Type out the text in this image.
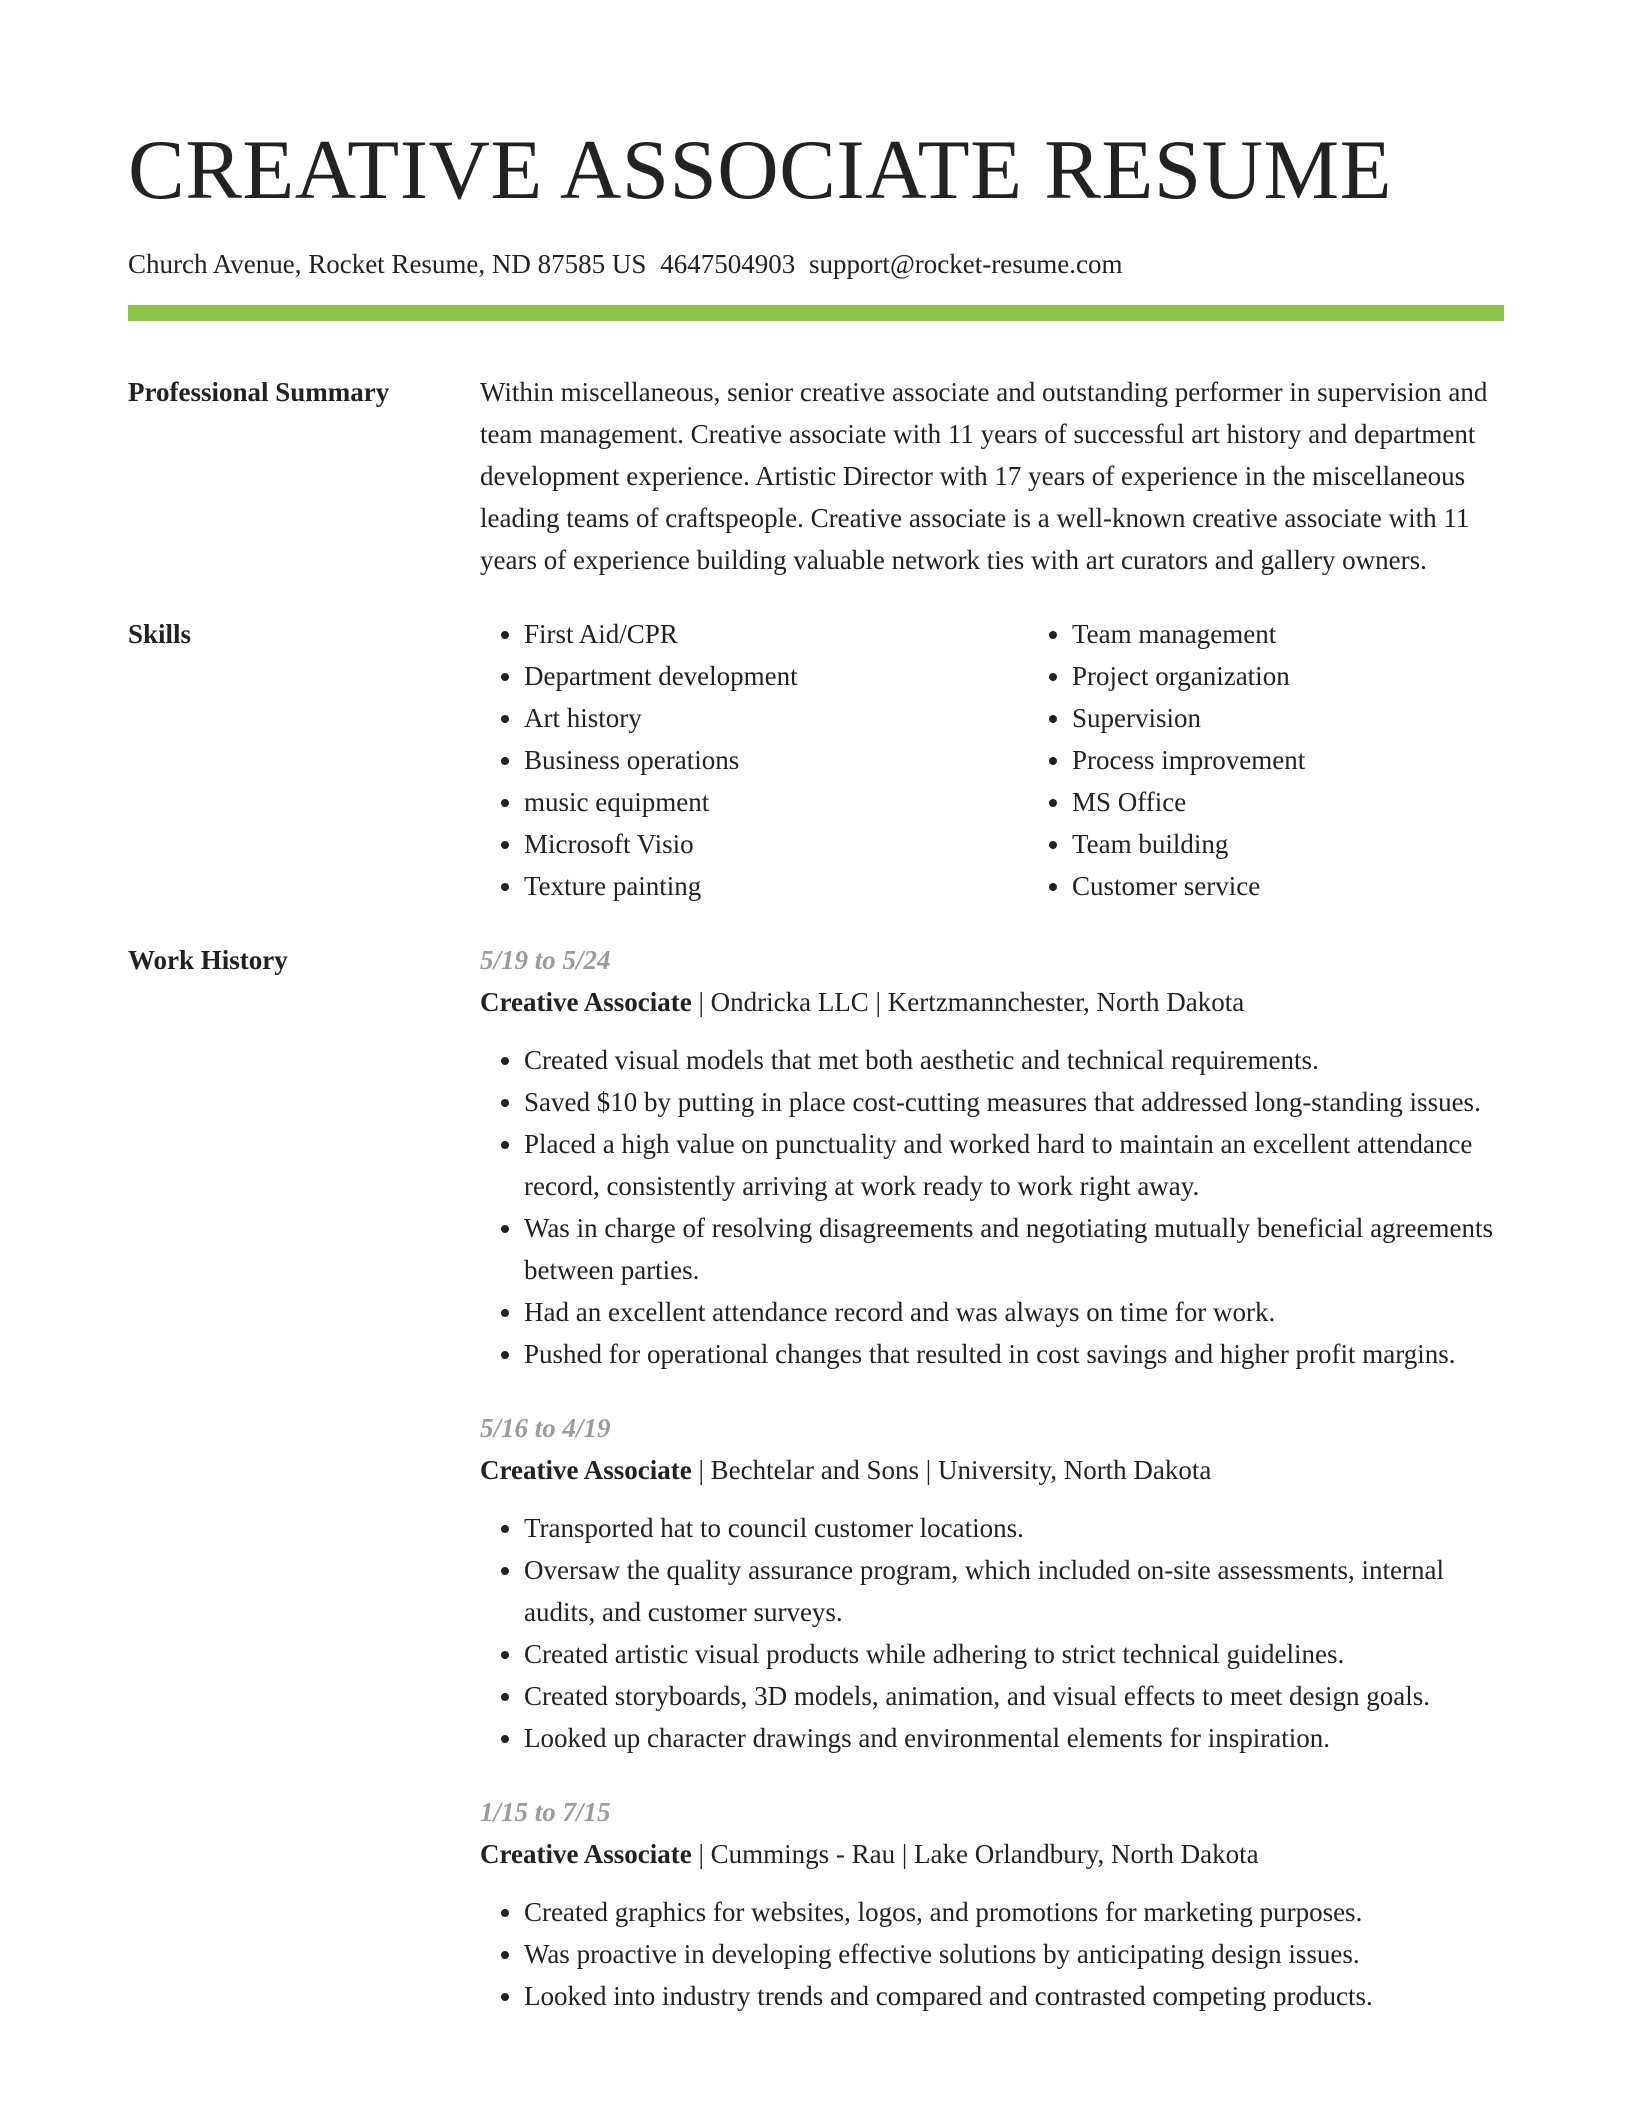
CREATIVE ASSOCIATE RESUME
Church Avenue, Rocket Resume, ND 87585 US 4647504903 support@rocket-resume.com
Professional Summary	Within miscellaneous, senior creative associate and outstanding performer in supervision and team management. Creative associate with 11 years of successful art history and department development experience. Artistic Director with 17 years of experience in the miscellaneous leading teams of craftspeople. Creative associate is a well-known creative associate with 11 years of experience building valuable network ties with art curators and gallery owners.

Skills
•	First Aid/CPR
• Department development
• Art history
• Business operations
• music equipment
• Microsoft Visio
• Texture painting
• Team management
• Project organization
• Supervision
• Process improvement
• MS Office
• Team building
• Customer service
Work History	5/19 to 5/24
Creative Associate | Ondricka LLC | Kertzmannchester, North Dakota
• Created visual models that met both aesthetic and technical requirements.
• Saved $10 by putting in place cost-cutting measures that addressed long-standing issues.
• Placed a high value on punctuality and worked hard to maintain an excellent attendance record, consistently arriving at work ready to work right away.
• Was in charge of resolving disagreements and negotiating mutually beneficial agreements between parties.
• Had an excellent attendance record and was always on time for work.
• Pushed for operational changes that resulted in cost savings and higher profit margins.
5/16 to 4/19
Creative Associate | Bechtelar and Sons | University, North Dakota
• Transported hat to council customer locations.
• Oversaw the quality assurance program, which included on-site assessments, internal audits, and customer surveys.
• Created artistic visual products while adhering to strict technical guidelines.
• Created storyboards, 3D models, animation, and visual effects to meet design goals.
• Looked up character drawings and environmental elements for inspiration.
1/15 to 7/15
Creative Associate | Cummings - Rau | Lake Orlandbury, North Dakota
• Created graphics for websites, logos, and promotions for marketing purposes.
• Was proactive in developing effective solutions by anticipating design issues.
• Looked into industry trends and compared and contrasted competing products.
